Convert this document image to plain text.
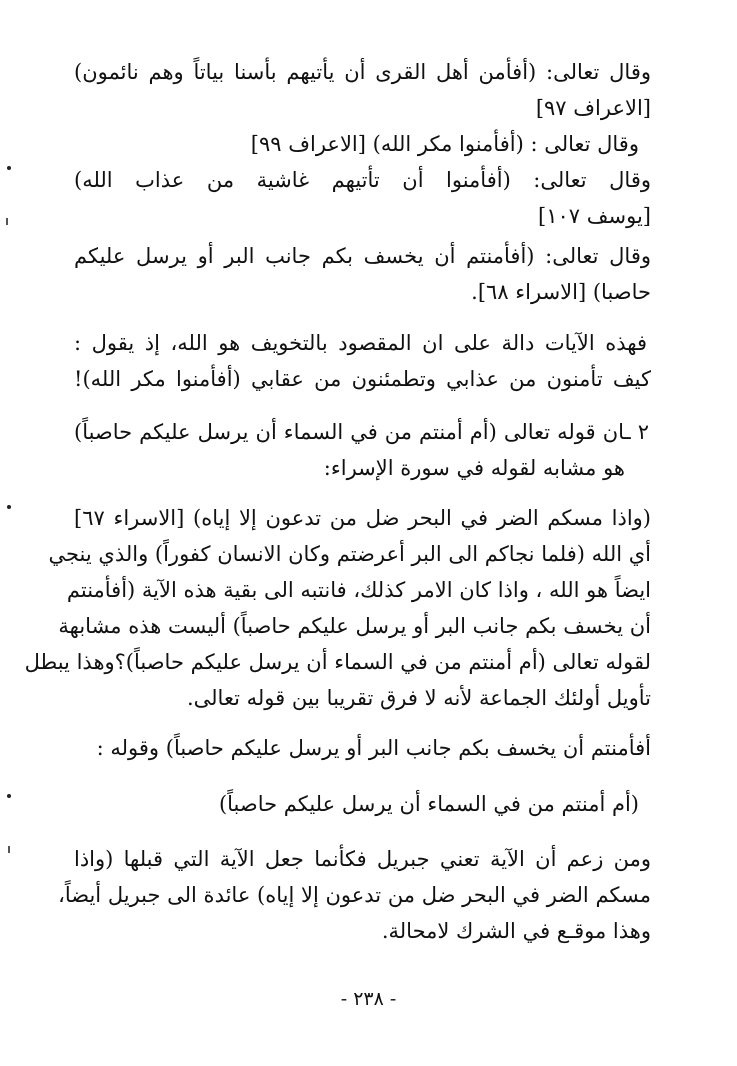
وقال تعالى: (أفأمن أهل القرى أن يأتيهم بأسنا بياتاً وهم نائمون)
[الاعراف ٩٧]
وقال تعالى : (أفأمنوا مكر الله) [الاعراف ٩٩]
وقال تعالى: (أفأمنوا أن تأتيهم غاشية من عذاب الله)
[يوسف ١٠٧]
وقال تعالى: (أفأمنتم أن يخسف بكم جانب البر أو يرسل عليكم
حاصبا) [الاسراء ٦٨].
فهذه الآيات دالة على ان المقصود بالتخويف هو الله، إذ يقول :
كيف تأمنون من عذابي وتطمئنون من عقابي (أفأمنوا مكر الله)!
٢ ـان قوله تعالى (أم أمنتم من في السماء أن يرسل عليكم حاصباً)
هو مشابه لقوله في سورة الإسراء:
(واذا مسكم الضر في البحر ضل من تدعون إلا إياه) [الاسراء ٦٧]
أي الله (فلما نجاكم الى البر أعرضتم وكان الانسان كفوراً) والذي ينجي
ايضاً هو الله ، واذا كان الامر كذلك، فانتبه الى بقية هذه الآية (أفأمنتم
أن يخسف بكم جانب البر أو يرسل عليكم حاصباً) أليست هذه مشابهة
لقوله تعالى (أم أمنتم من في السماء أن يرسل عليكم حاصباً)؟وهذا يبطل
تأويل أولئك الجماعة لأنه لا فرق تقريبا بين قوله تعالى.
أفأمنتم أن يخسف بكم جانب البر أو يرسل عليكم حاصباً) وقوله :
(أم أمنتم من في السماء أن يرسل عليكم حاصباً)
ومن زعم أن الآية تعني جبريل فكأنما جعل الآية التي قبلها (واذا
مسكم الضر في البحر ضل من تدعون إلا إياه) عائدة الى جبريل أيضاً،
وهذا موقـع في الشرك لامحالة.
- ٢٣٨ -
